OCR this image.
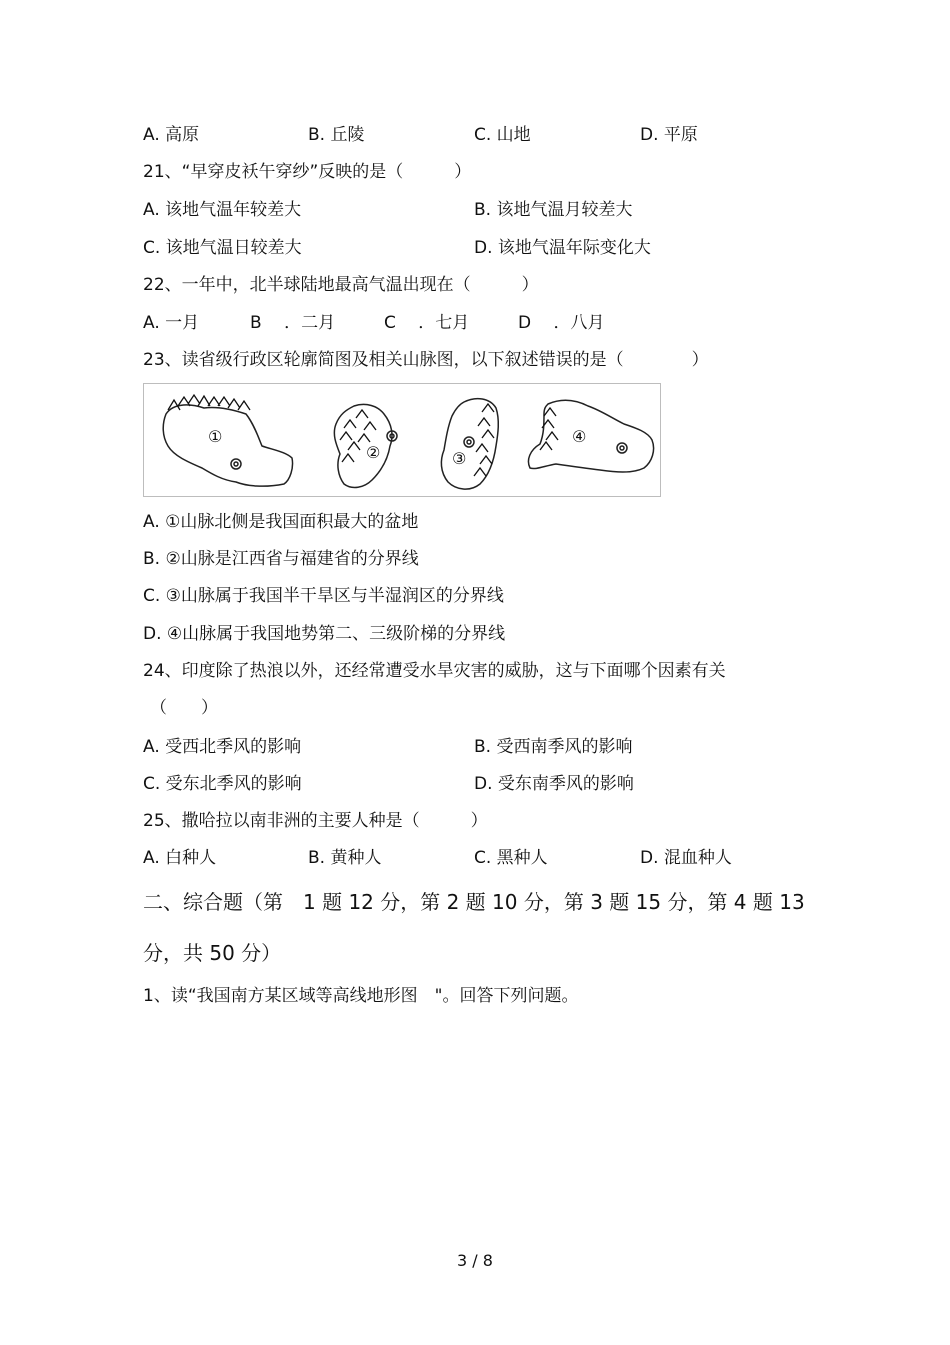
A. 高原	B. 丘陵	C. 山地	D. 平原
21、“早穿皮袄午穿纱”反映的是（　　　）
A. 该地气温年较差大	B. 该地气温月较差大
C. 该地气温日较差大	D. 该地气温年际变化大
22、一年中，北半球陆地最高气温出现在（　　　）
A. 一月	B　 ．二月	C　 ．七月	D　 ．八月
23、读省级行政区轮廓简图及相关山脉图，以下叙述错误的是（　　　　）
①
②	③
④
A. ①山脉北侧是我国面积最大的盆地
B. ②山脉是江西省与福建省的分界线
C. ③山脉属于我国半干旱区与半湿润区的分界线
D. ④山脉属于我国地势第二、三级阶梯的分界线
24、印度除了热浪以外，还经常遭受水旱灾害的威胁，这与下面哪个因素有关
（　　）
A. 受西北季风的影响	B. 受西南季风的影响
C. 受东北季风的影响	D. 受东南季风的影响
25、撒哈拉以南非洲的主要人种是（　　　）
A. 白种人	B. 黄种人	C. 黑种人	D. 混血种人
二、综合题（第　1 题 12 分，第 2 题 10 分，第 3 题 15 分，第 4 题 13
分，共 50 分）
1、读“我国南方某区域等高线地形图　"。回答下列问题。
3 / 8
